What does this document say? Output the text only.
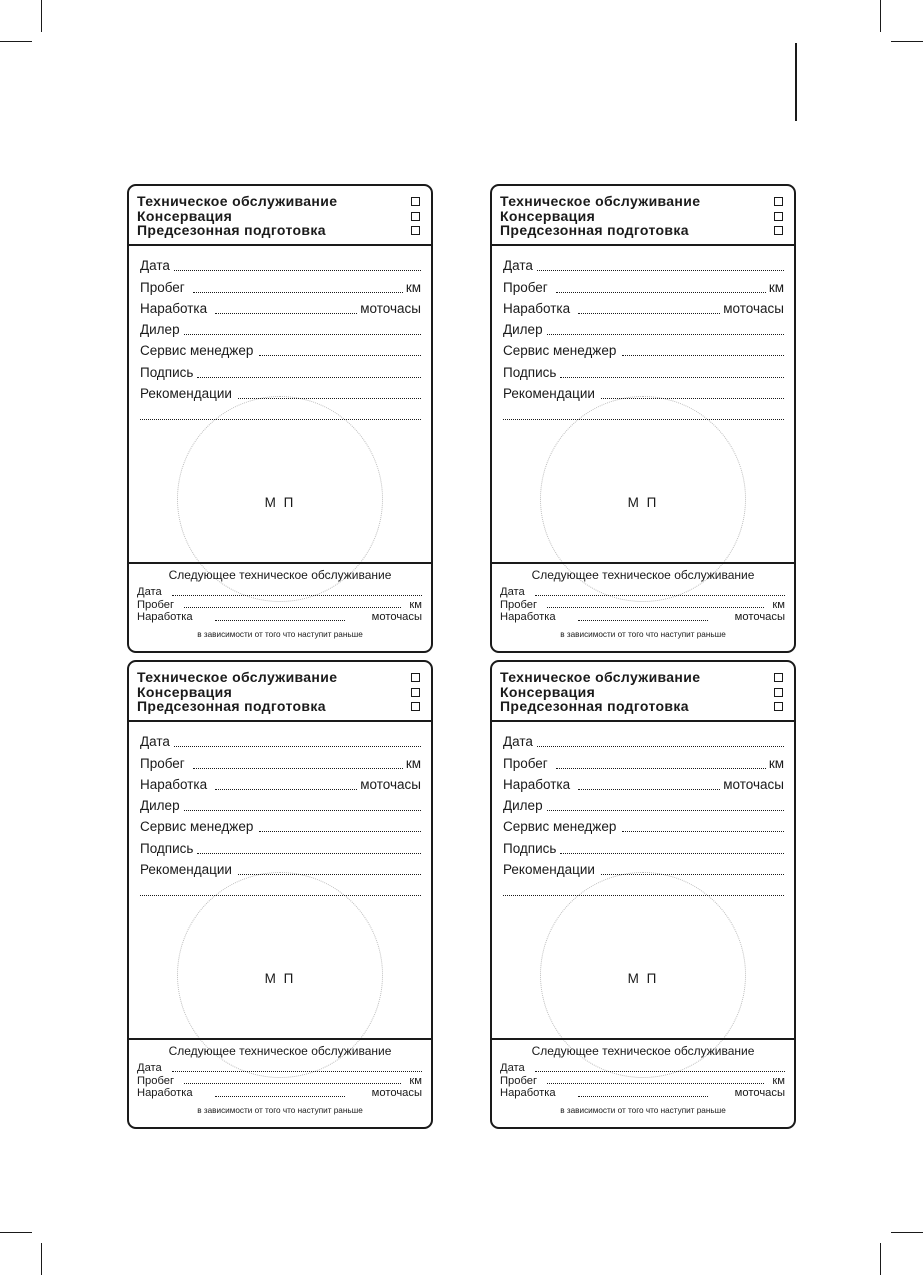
Техническое обслуживание
Консервация
Предсезонная подготовка
Дата
Пробег	км
Наработка	моточасы
Дилер
Сервис менеджер
Подпись
Рекомендации
М П
Следующее техническое обслуживание
Дата
Пробег	км
Наработка	моточасы
в зависимости от того что наступит раньше
Техническое обслуживание
Консервация
Предсезонная подготовка
Дата
Пробег	км
Наработка	моточасы
Дилер
Сервис менеджер
Подпись
Рекомендации
М П
Следующее техническое обслуживание
Дата
Пробег	км
Наработка	моточасы
в зависимости от того что наступит раньше
Техническое обслуживание
Консервация
Предсезонная подготовка
Дата
Пробег	км
Наработка	моточасы
Дилер
Сервис менеджер
Подпись
Рекомендации
М П
Следующее техническое обслуживание
Дата
Пробег	км
Наработка	моточасы
в зависимости от того что наступит раньше
Техническое обслуживание
Консервация
Предсезонная подготовка
Дата
Пробег	км
Наработка	моточасы
Дилер
Сервис менеджер
Подпись
Рекомендации
М П
Следующее техническое обслуживание
Дата
Пробег	км
Наработка	моточасы
в зависимости от того что наступит раньше
